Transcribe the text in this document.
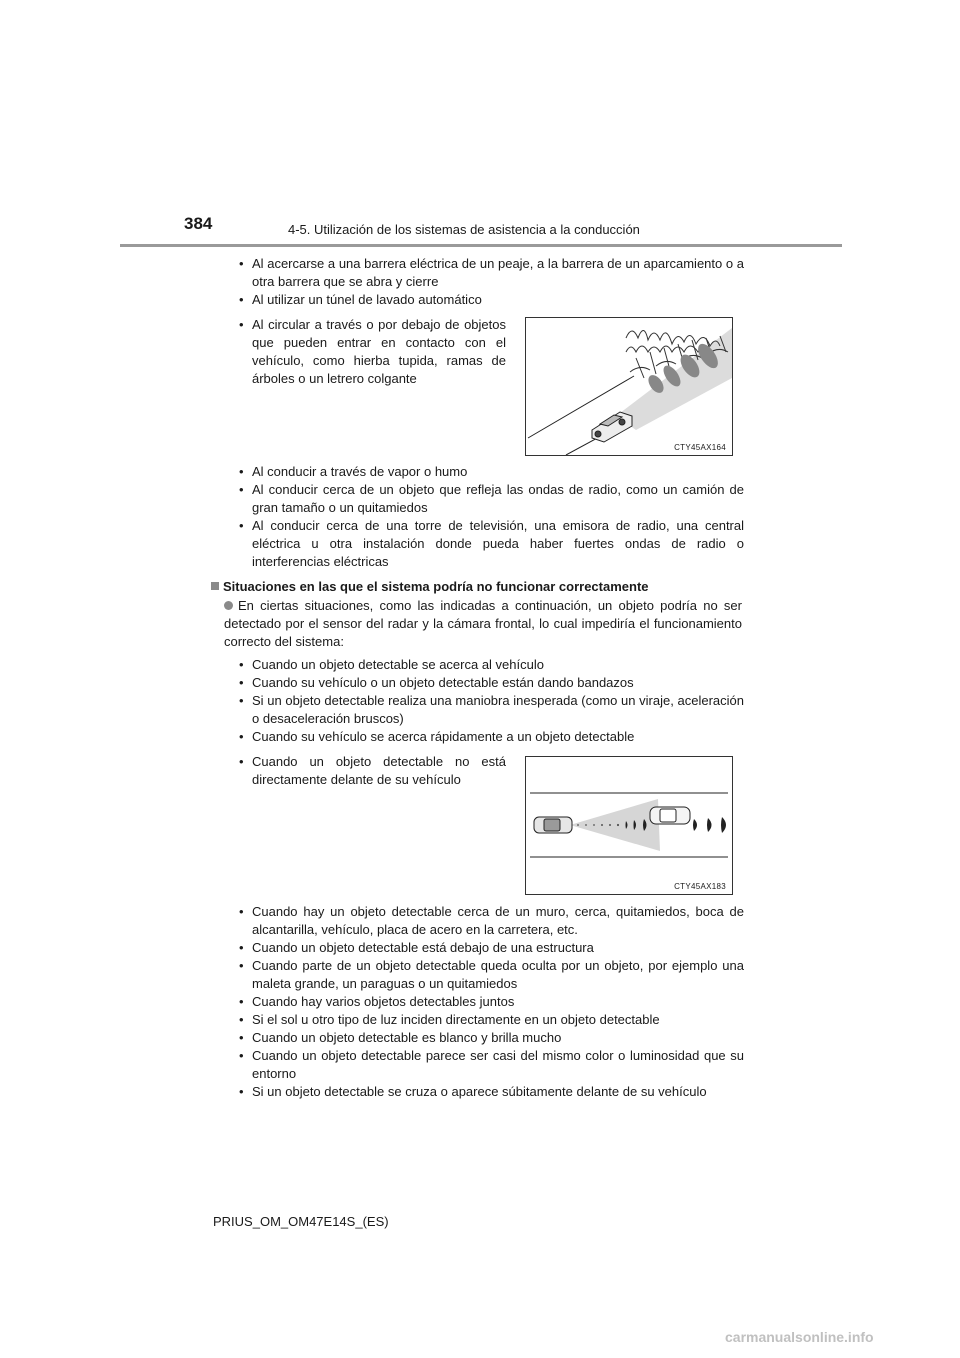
384	4-5. Utilización de los sistemas de asistencia a la conducción
• Al acercarse a una barrera eléctrica de un peaje, a la barrera de un aparcamiento o a otra barrera que se abra y cierre
• Al utilizar un túnel de lavado automático
• Al circular a través o por debajo de objetos que pueden entrar en contacto con el vehículo, como hierba tupida, ramas de árboles o un letrero colgante
CTY45AX164
• Al conducir a través de vapor o humo
• Al conducir cerca de un objeto que refleja las ondas de radio, como un camión de gran tamaño o un quitamiedos
• Al conducir cerca de una torre de televisión, una emisora de radio, una central eléctrica u otra instalación donde pueda haber fuertes ondas de radio o interferencias eléctricas
Situaciones en las que el sistema podría no funcionar correctamente
En ciertas situaciones, como las indicadas a continuación, un objeto podría no ser detectado por el sensor del radar y la cámara frontal, lo cual impediría el funcionamiento correcto del sistema:
• Cuando un objeto detectable se acerca al vehículo
• Cuando su vehículo o un objeto detectable están dando bandazos
• Si un objeto detectable realiza una maniobra inesperada (como un viraje, aceleración o desaceleración bruscos)
• Cuando su vehículo se acerca rápidamente a un objeto detectable
• Cuando un objeto detectable no está directamente delante de su vehículo
CTY45AX183
• Cuando hay un objeto detectable cerca de un muro, cerca, quitamiedos, boca de alcantarilla, vehículo, placa de acero en la carretera, etc.
• Cuando un objeto detectable está debajo de una estructura
• Cuando parte de un objeto detectable queda oculta por un objeto, por ejemplo una maleta grande, un paraguas o un quitamiedos
• Cuando hay varios objetos detectables juntos
• Si el sol u otro tipo de luz inciden directamente en un objeto detectable
• Cuando un objeto detectable es blanco y brilla mucho
• Cuando un objeto detectable parece ser casi del mismo color o luminosidad que su entorno
• Si un objeto detectable se cruza o aparece súbitamente delante de su vehículo
PRIUS_OM_OM47E14S_(ES)
carmanualsonline.info
